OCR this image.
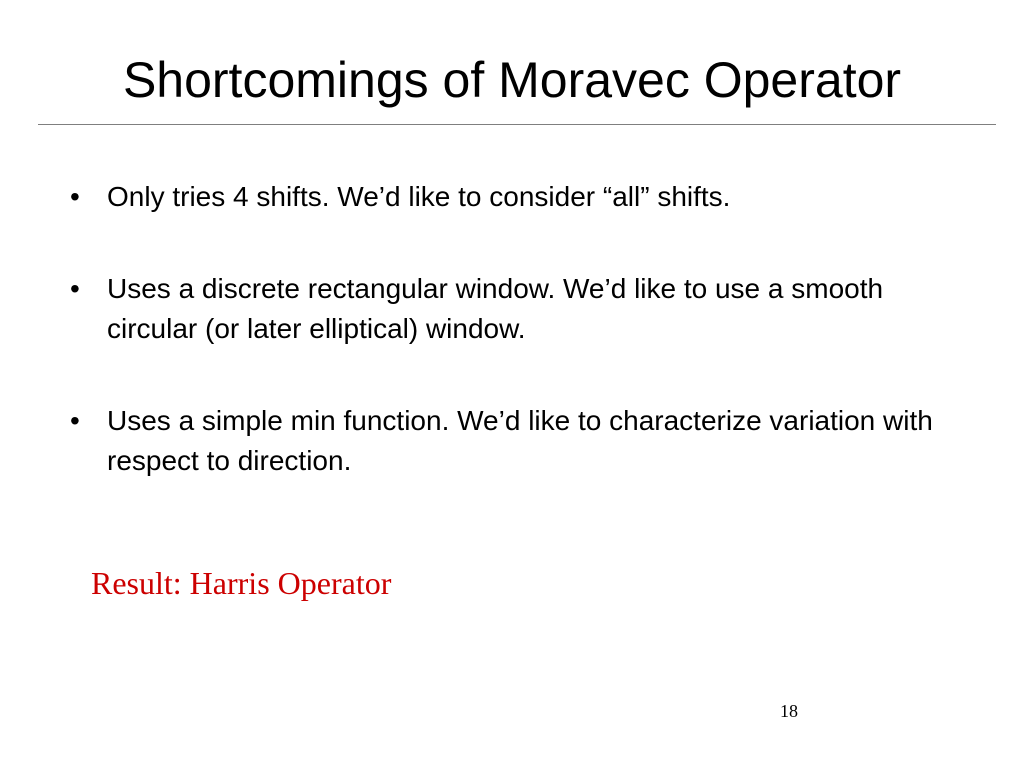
Shortcomings of Moravec Operator
• Only tries 4 shifts. We’d like to consider “all” shifts.
• Uses a discrete rectangular window. We’d like to use a smooth circular (or later elliptical) window.
• Uses a simple min function. We’d like to characterize variation with respect to direction.
Result: Harris Operator
18
